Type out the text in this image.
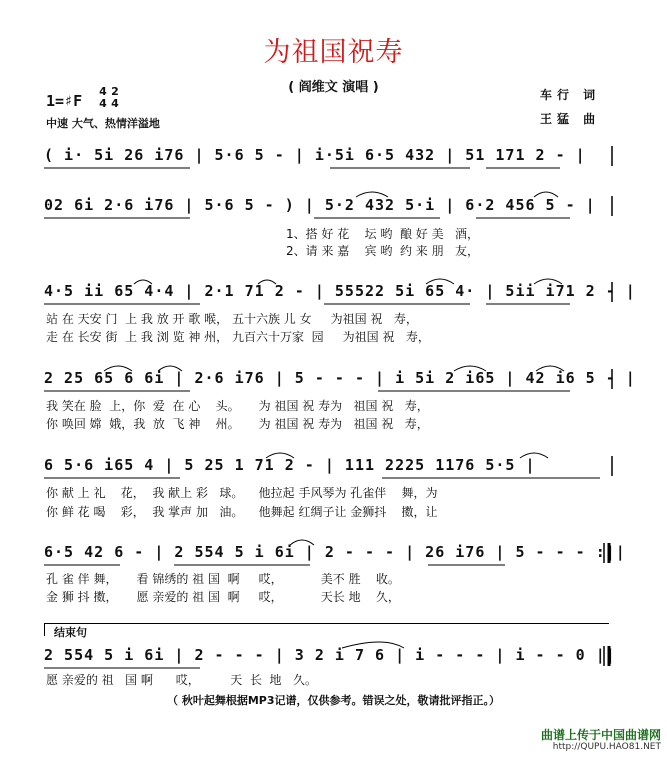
为祖国祝寿
( 阎维文 演唱 )
1=♯F
4 2
4 4
中速 大气、热情洋溢地
车行 词
王猛 曲
( i· 5i 26 i76 | 5·6 5 - | i·5i 6·5 432 | 51 171 2 - |
02 6i 2·6 i76 | 5·6 5 - ) | 5·2 432 5·i | 6·2 456 5 - |
1、搭 好 花    坛 哟  酿 好 美   酒，
2、请 来 嘉    宾 哟  约 来 朋   友，
4·5 ii 65 4·4 | 2·1 71 2 - | 55522 5i 65 4· | 5ii i71 2 - |
站 在 天安 门  上 我 放 开 歌 喉， 五十六族 儿 女     为祖国 祝   寿，
走 在 长安 街  上 我 浏 览 神 州， 九百六十万家  园     为祖国 祝   寿，
2 25 65 6 6i | 2·6 i76 | 5 - - - | i 5i 2 i65 | 42 i6 5 - |
我 笑在 脸  上，你  爱  在 心    头。     为 祖国 祝 寿为   祖国 祝   寿，
你 唤回 嫦  娥，我  放  飞 神    州。     为 祖国 祝 寿为   祖国 祝   寿，
6 5·6 i65 4 | 5 25 1 71 2 - | 111 2225 1176 5·5 |
你 献 上 礼    花，  我 献上 彩   球。    他拉起 手风琴为 孔雀伴    舞，为
你 鲜 花 喝    彩，  我 掌声 加   油。    他舞起 红绸子让 金狮抖    擞，让
6·5 42 6 - | 2 554 5 i 6i | 2 - - - | 26 i76 | 5 - - - :||
孔 雀 伴 舞，     看 锦绣的 祖 国  啊     哎，          美不 胜    收。
金 狮 抖 擞，     愿 亲爱的 祖 国  啊     哎，          天长 地    久，
结束句
2 554 5 i 6i | 2 - - - | 3 2 i 7 6 | i - - - | i - - 0 ||
愿 亲爱的 祖   国 啊      哎，        天  长  地   久。
（ 秋叶起舞根据MP3记谱，仅供参考。错误之处，敬请批评指正。）
曲谱上传于中国曲谱网
http://QUPU.HAO81.NET
